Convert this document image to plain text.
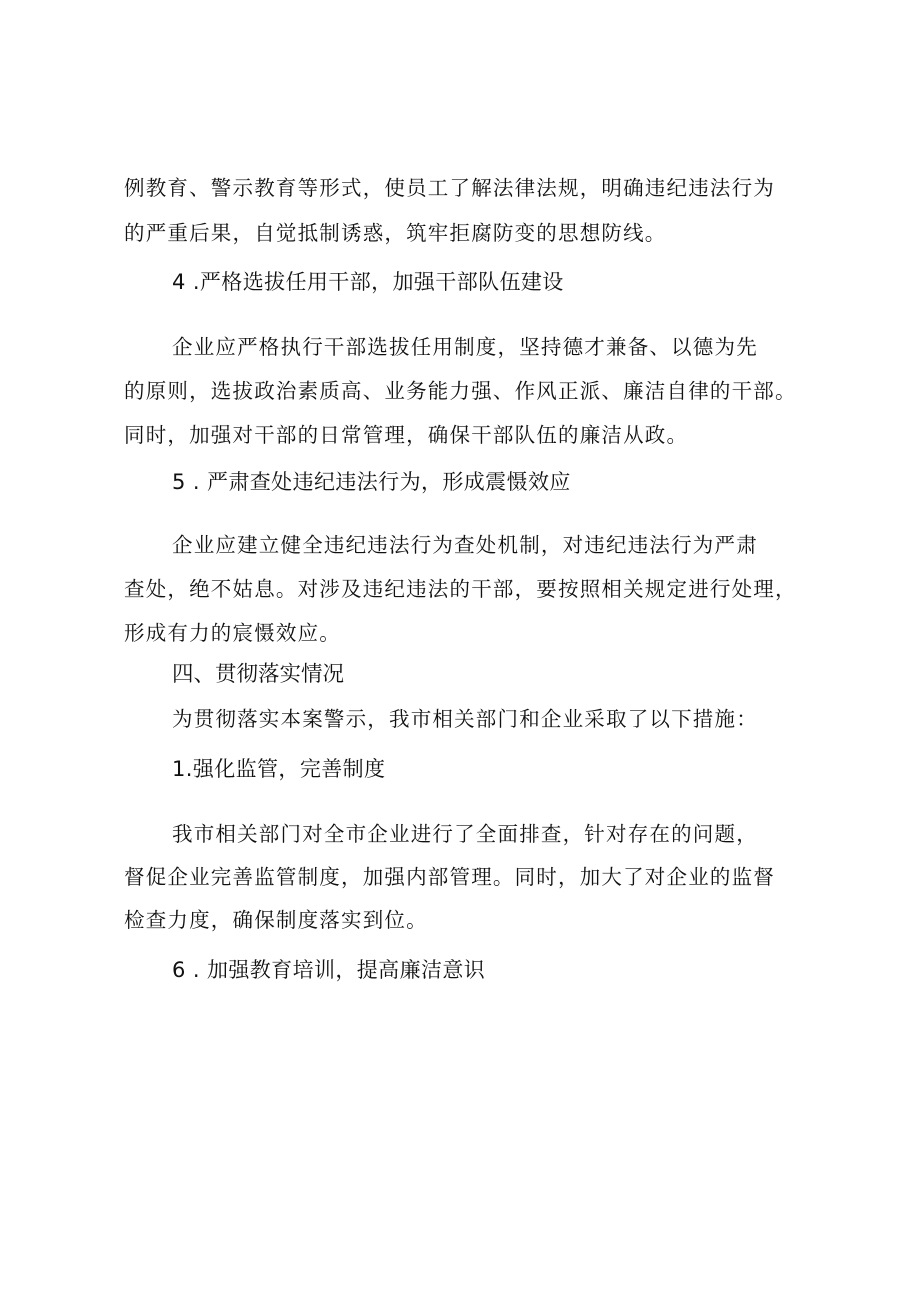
例教育、警示教育等形式，使员工了解法律法规，明确违纪违法行为
的严重后果，自觉抵制诱惑，筑牢拒腐防变的思想防线。
4 .严格选拔任用干部，加强干部队伍建设
企业应严格执行干部选拔任用制度，坚持德才兼备、以德为先
的原则，选拔政治素质高、业务能力强、作风正派、廉洁自律的干部。
同时，加强对干部的日常管理，确保干部队伍的廉洁从政。
5 . 严肃查处违纪违法行为，形成震慑效应
企业应建立健全违纪违法行为查处机制，对违纪违法行为严肃
查处，绝不姑息。对涉及违纪违法的干部，要按照相关规定进行处理，
形成有力的宸慑效应。
四、贯彻落实情况
为贯彻落实本案警示，我市相关部门和企业采取了以下措施：
1.强化监管，完善制度
我市相关部门对全市企业进行了全面排查，针对存在的问题，
督促企业完善监管制度，加强内部管理。同时，加大了对企业的监督
检查力度，确保制度落实到位。
6 . 加强教育培训，提高廉洁意识
